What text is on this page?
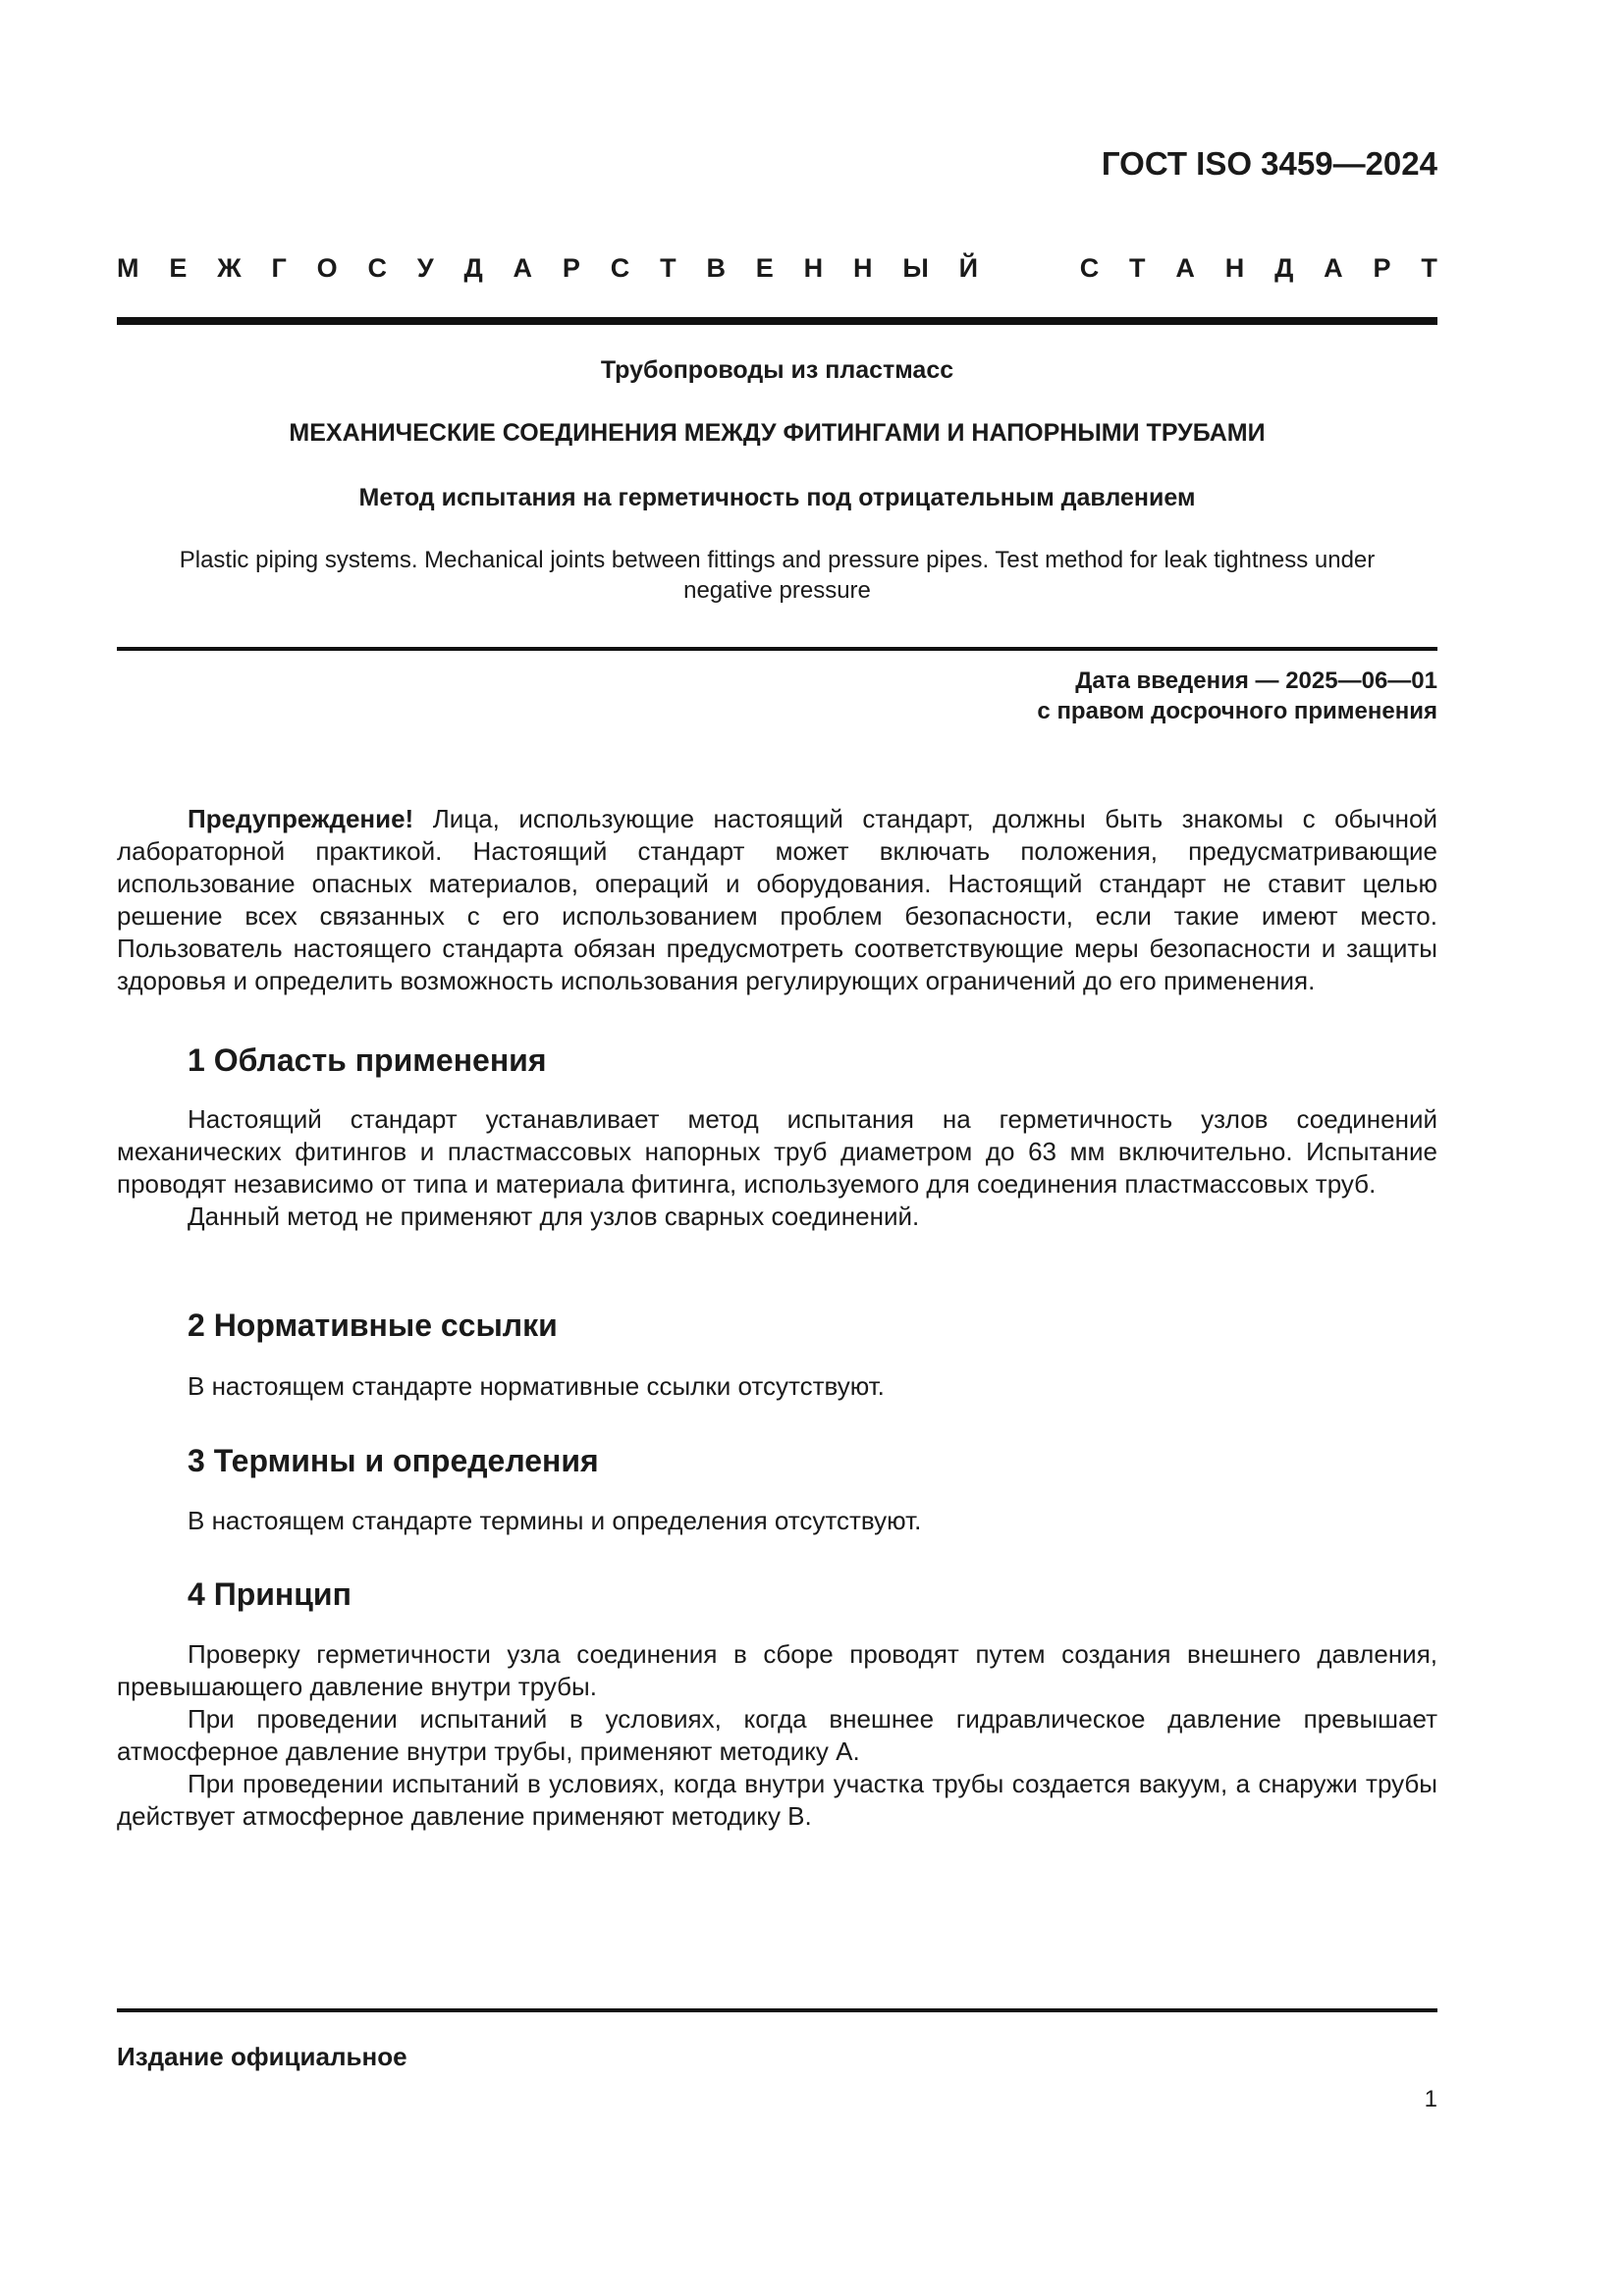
ГОСТ ISO 3459—2024
М Е Ж Г О С У Д А Р С Т В Е Н Н Ы Й	С Т А Н Д А Р Т
Трубопроводы из пластмасс
МЕХАНИЧЕСКИЕ СОЕДИНЕНИЯ МЕЖДУ ФИТИНГАМИ И НАПОРНЫМИ ТРУБАМИ
Метод испытания на герметичность под отрицательным давлением
Plastic piping systems. Mechanical joints between fittings and pressure pipes. Test method for leak tightness under negative pressure
Дата введения — 2025—06—01
с правом досрочного применения

Предупреждение! Лица, использующие настоящий стандарт, должны быть знакомы с обычной лабораторной практикой. Настоящий стандарт может включать положения, предусматривающие использование опасных материалов, операций и оборудования. Настоящий стандарт не ставит целью решение всех связанных с его использованием проблем безопасности, если такие имеют место. Пользователь настоящего стандарта обязан предусмотреть соответствующие меры безопасности и защиты здоровья и определить возможность использования регулирующих ограничений до его применения.

1 Область применения

Настоящий стандарт устанавливает метод испытания на герметичность узлов соединений механических фитингов и пластмассовых напорных труб диаметром до 63 мм включительно. Испытание проводят независимо от типа и материала фитинга, используемого для соединения пластмассовых труб.

Данный метод не применяют для узлов сварных соединений.

2 Нормативные ссылки

В настоящем стандарте нормативные ссылки отсутствуют.

3 Термины и определения

В настоящем стандарте термины и определения отсутствуют.

4 Принцип

Проверку герметичности узла соединения в сборе проводят путем создания внешнего давления, превышающего давление внутри трубы.

При проведении испытаний в условиях, когда внешнее гидравлическое давление превышает атмосферное давление внутри трубы, применяют методику А.

При проведении испытаний в условиях, когда внутри участка трубы создается вакуум, а снаружи трубы действует атмосферное давление применяют методику В.

Издание официальное
1
